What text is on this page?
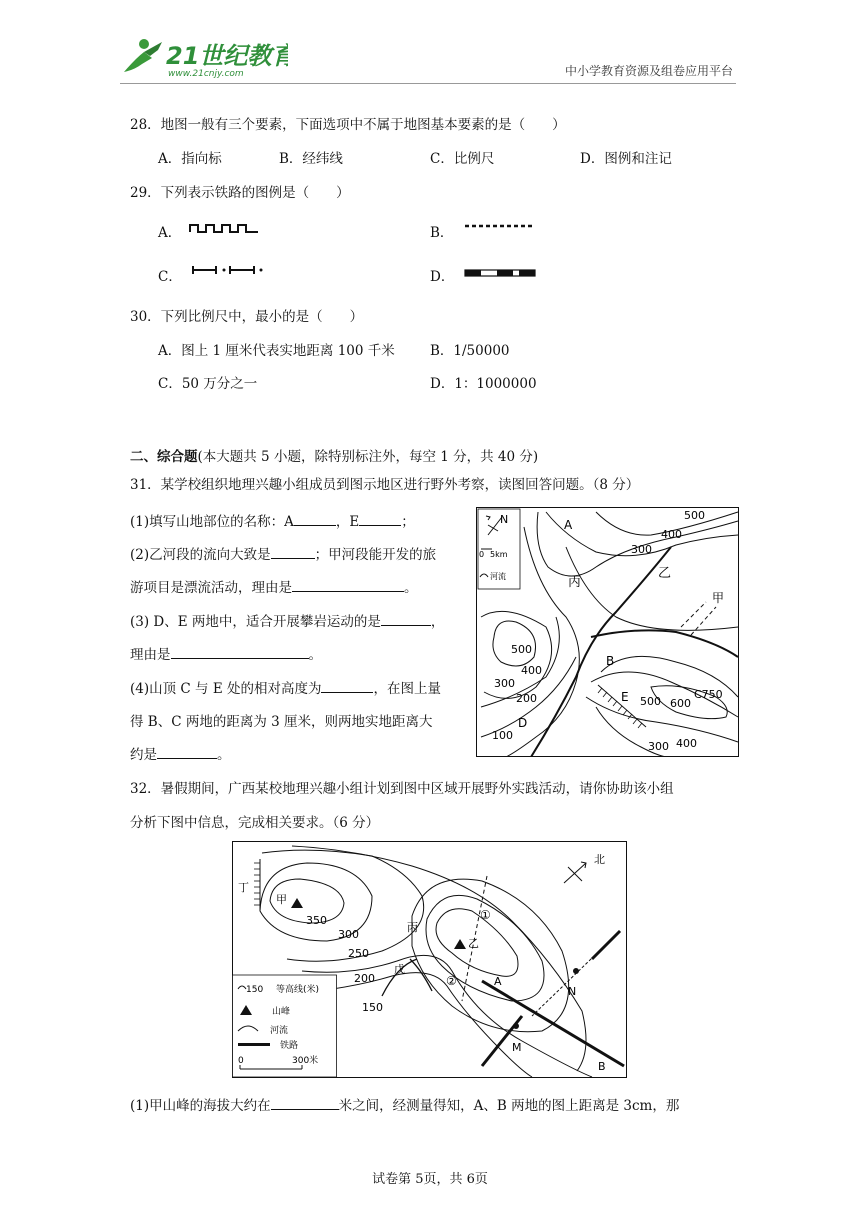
21世纪教育
www.21cnjy.com	中小学教育资源及组卷应用平台
28．地图一般有三个要素，下面选项中不属于地图基本要素的是（　　）
A．指向标	B．经纬线	C．比例尺	D．图例和注记
29．下列表示铁路的图例是（　　）
A．	B．
C．	D．
30．下列比例尺中，最小的是（　　）
A．图上 1 厘米代表实地距离 100 千米	B．1/50000
C．50 万分之一	D．1：1000000
二、综合题(本大题共 5 小题，除特别标注外，每空 1 分，共 40 分)
31．某学校组织地理兴趣小组成员到图示地区进行野外考察，读图回答问题。（8 分）
(1)填写山地部位的名称：A	，E	；
(2)乙河段的流向大致是	；甲河段能开发的旅
游项目是漂流活动，理由是	。
(3) D、E 两地中，适合开展攀岩运动的是	，
理由是	。
(4)山顶 C 与 E 处的相对高度为	，在图上量
得 B、C 两地的距离为 3 厘米，则两地实地距离大
约是	。
N
0 5km
河流
A
丙
乙
甲
500
400
300
500
400
300
200
100
D
B
E 500 600
C750
300 400
32．暑假期间，广西某校地理兴趣小组计划到图中区域开展野外实践活动，请你协助该小组
分析下图中信息，完成相关要求。（6 分）
北
丁
甲
乙
丙
戊
350
300
250
200
150
①
②	A
B
M
N
150 等高线(米)
山峰
河流
铁路
0	300米
(1)甲山峰的海拔大约在	米之间，经测量得知，A、B 两地的图上距离是 3cm，那
试卷第 5页，共 6页
